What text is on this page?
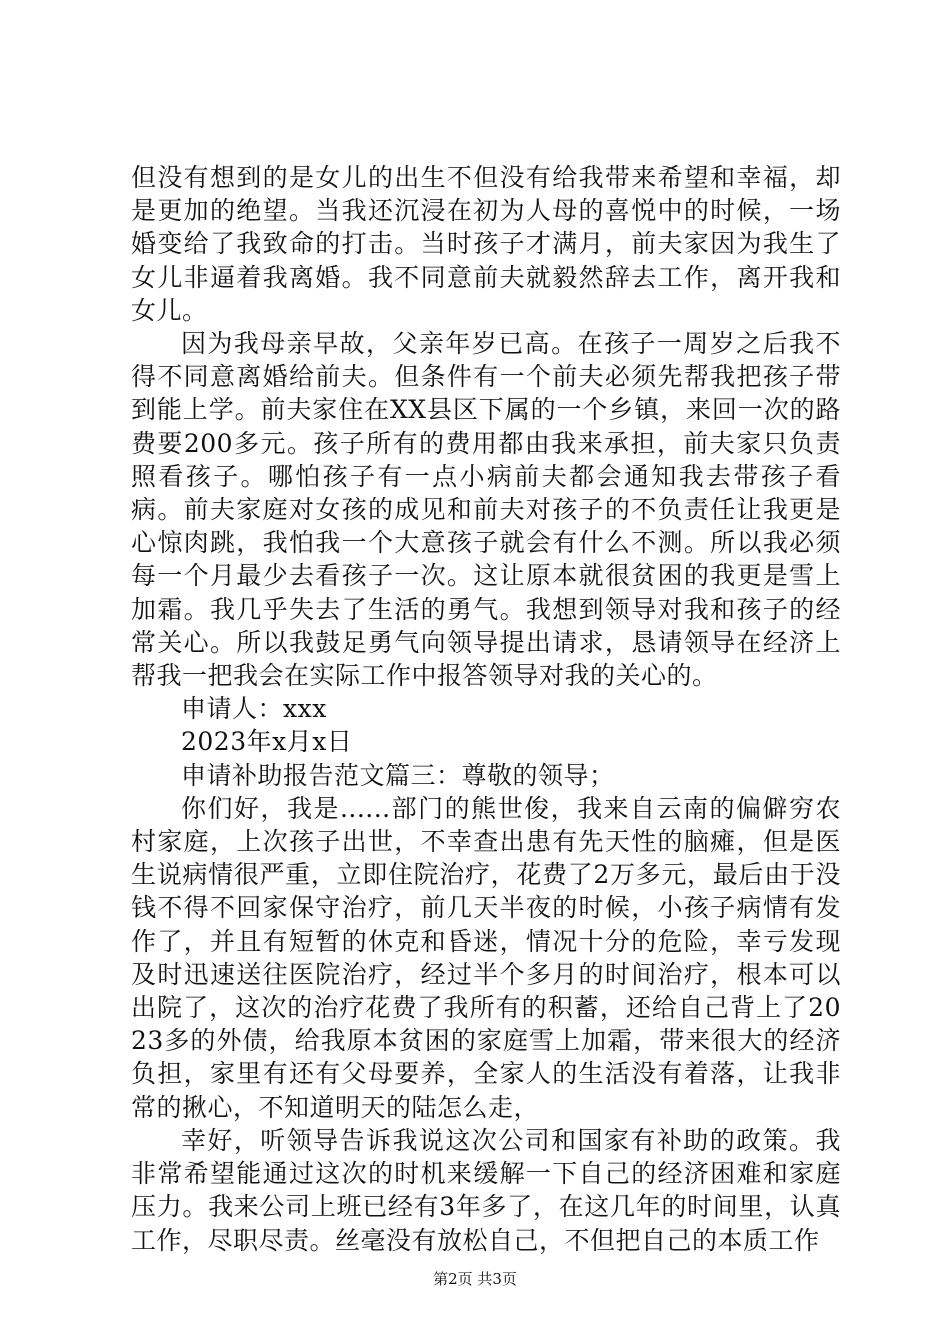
但没有想到的是女儿的出生不但没有给我带来希望和幸福，却是更加的绝望。当我还沉浸在初为人母的喜悦中的时候，一场婚变给了我致命的打击。当时孩子才满月，前夫家因为我生了女儿非逼着我离婚。我不同意前夫就毅然辞去工作，离开我和女儿。

因为我母亲早故，父亲年岁已高。在孩子一周岁之后我不得不同意离婚给前夫。但条件有一个前夫必须先帮我把孩子带到能上学。前夫家住在XX县区下属的一个乡镇，来回一次的路费要200多元。孩子所有的费用都由我来承担，前夫家只负责照看孩子。哪怕孩子有一点小病前夫都会通知我去带孩子看病。前夫家庭对女孩的成见和前夫对孩子的不负责任让我更是心惊肉跳，我怕我一个大意孩子就会有什么不测。所以我必须每一个月最少去看孩子一次。这让原本就很贫困的我更是雪上加霜。我几乎失去了生活的勇气。我想到领导对我和孩子的经常关心。所以我鼓足勇气向领导提出请求，恳请领导在经济上帮我一把我会在实际工作中报答领导对我的关心的。

申请人：xxx

2023年x月x日

申请补助报告范文篇三：尊敬的领导；

你们好，我是......部门的熊世俊，我来自云南的偏僻穷农村家庭，上次孩子出世，不幸查出患有先天性的脑瘫，但是医生说病情很严重，立即住院治疗，花费了2万多元，最后由于没钱不得不回家保守治疗，前几天半夜的时候，小孩子病情有发作了，并且有短暂的休克和昏迷，情况十分的危险，幸亏发现及时迅速送往医院治疗，经过半个多月的时间治疗，根本可以出院了，这次的治疗花费了我所有的积蓄，还给自己背上了2023多的外债，给我原本贫困的家庭雪上加霜，带来很大的经济负担，家里有还有父母要养，全家人的生活没有着落，让我非常的揪心，不知道明天的陆怎么走，

幸好，听领导告诉我说这次公司和国家有补助的政策。我非常希望能通过这次的时机来缓解一下自己的经济困难和家庭压力。我来公司上班已经有3年多了，在这几年的时间里，认真工作，尽职尽责。丝毫没有放松自己，不但把自己的本质工作

第2页 共3页
